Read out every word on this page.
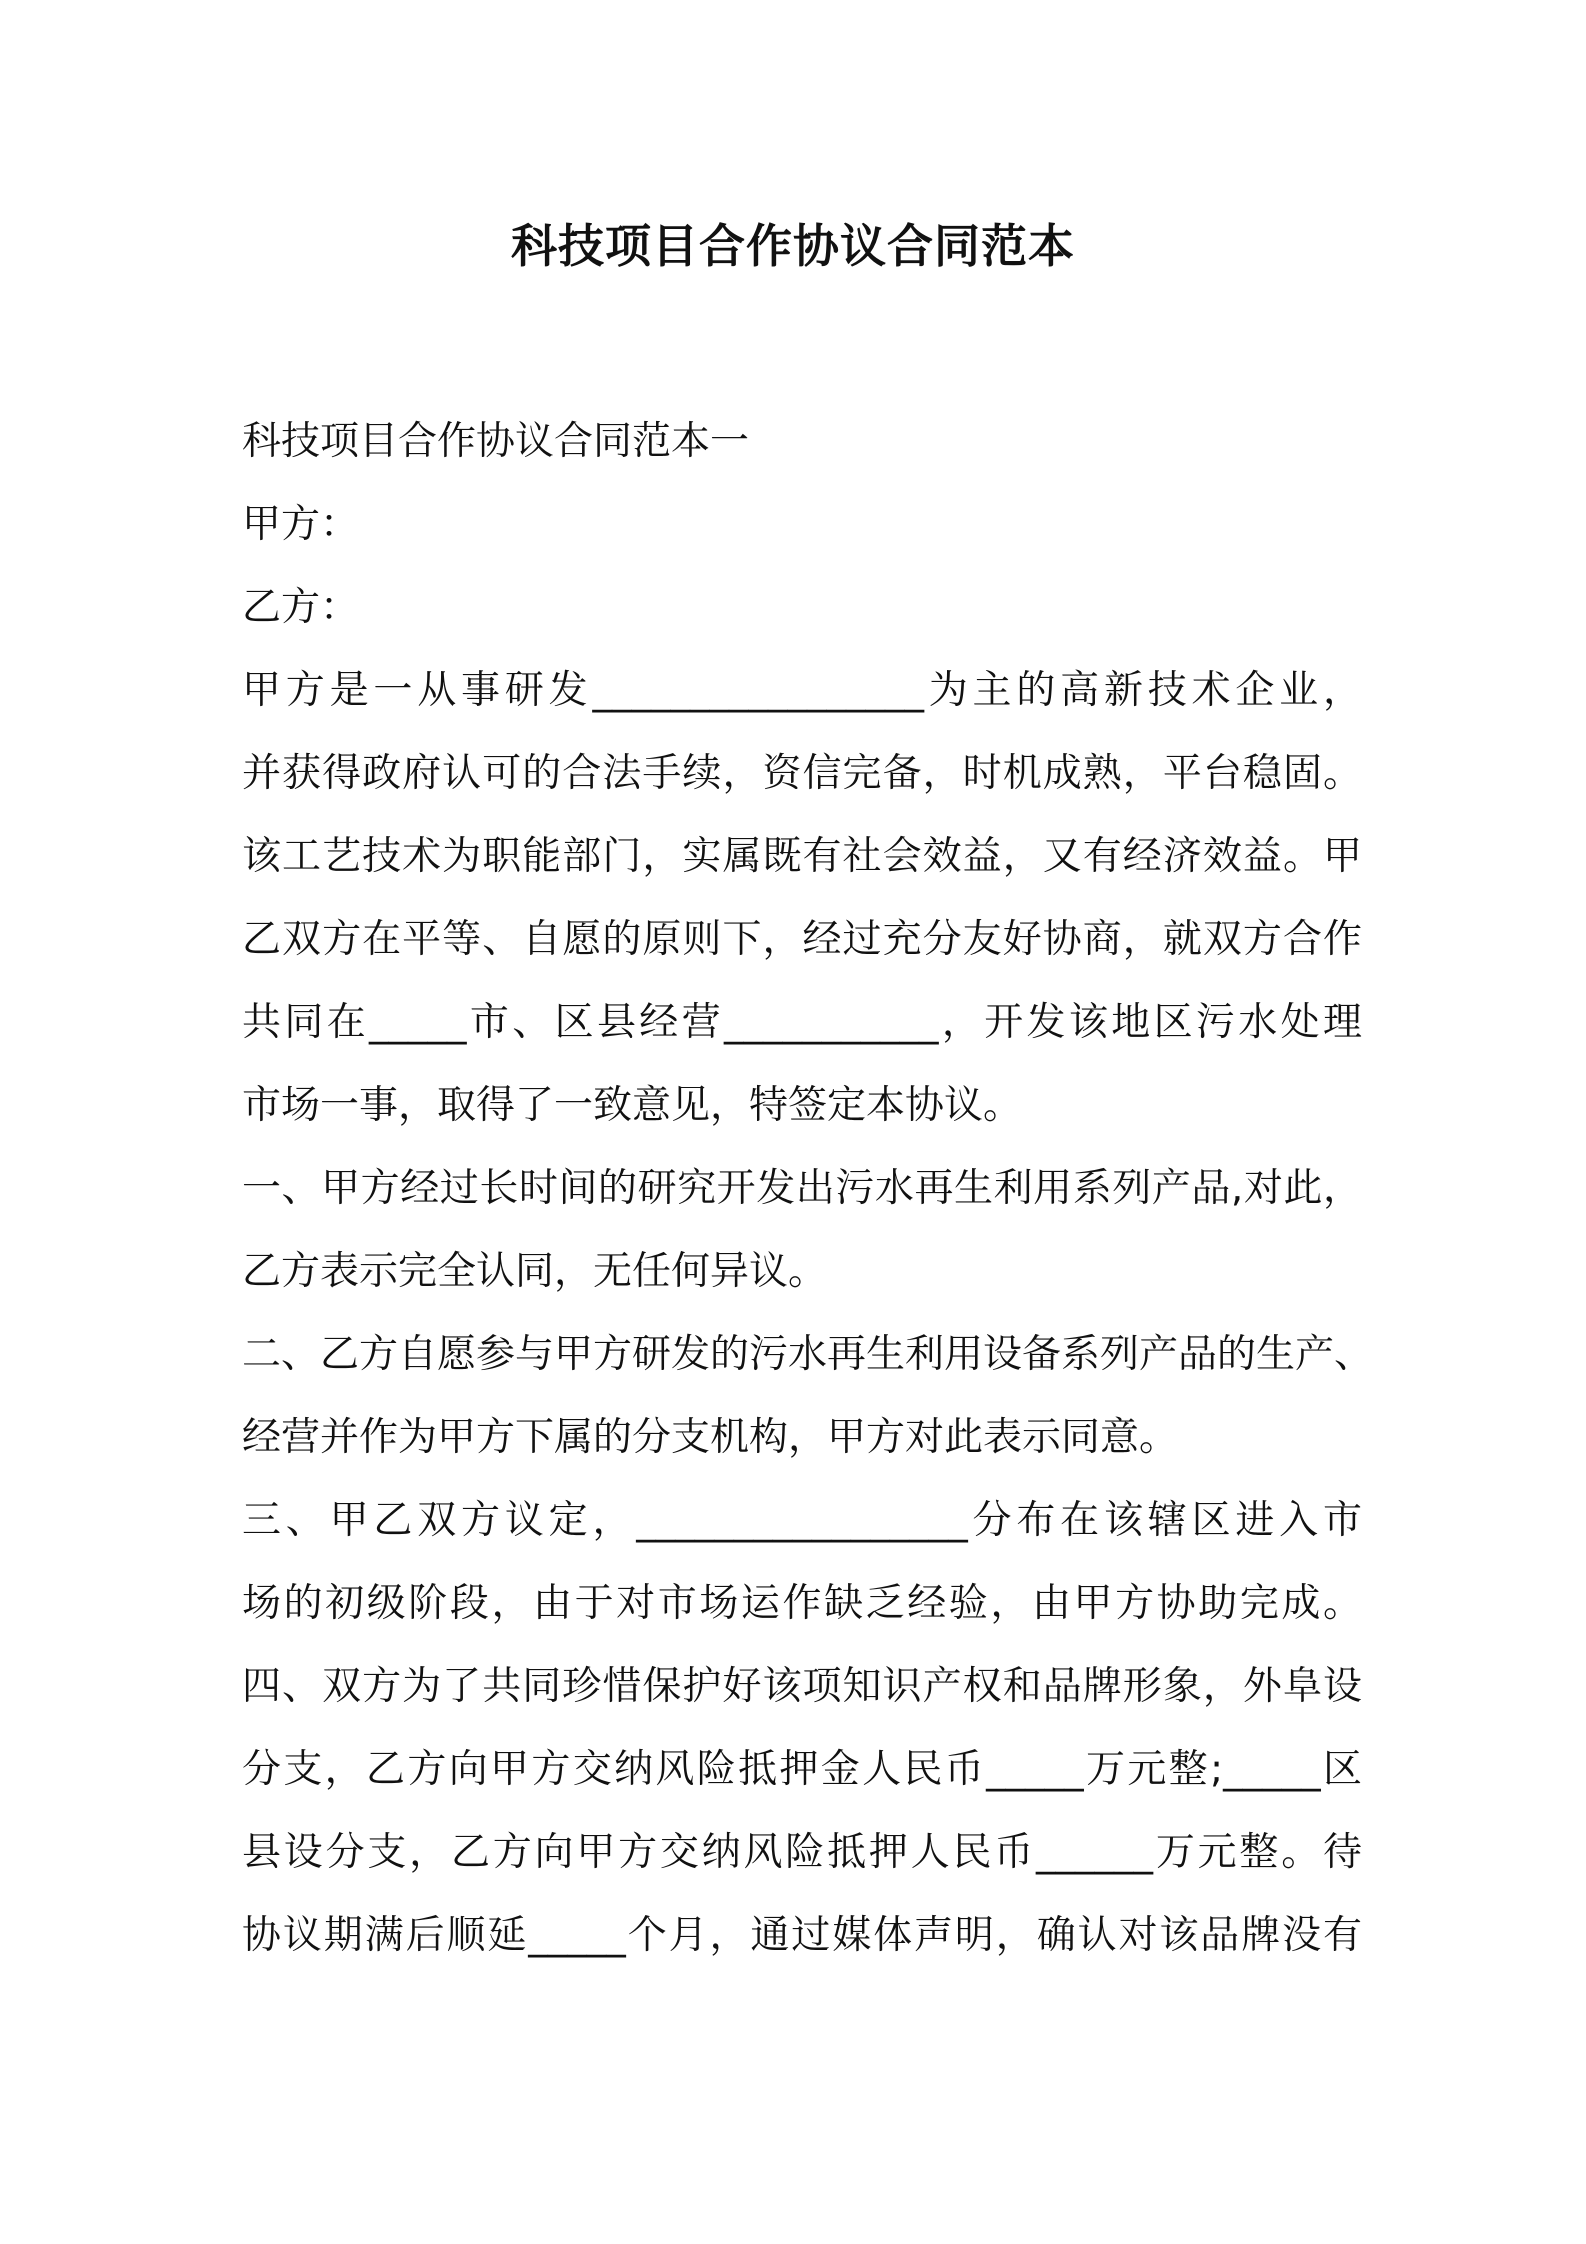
科技项目合作协议合同范本

科技项目合作协议合同范本一

甲方：

乙方：

甲方是一从事研发_________________为主的高新技术企业，

并获得政府认可的合法手续，资信完备，时机成熟，平台稳固。

该工艺技术为职能部门，实属既有社会效益，又有经济效益。甲

乙双方在平等、自愿的原则下，经过充分友好协商，就双方合作

共同在_____市、区县经营___________，开发该地区污水处理

市场一事，取得了一致意见，特签定本协议。

一、甲方经过长时间的研究开发出污水再生利用系列产品,对此，

乙方表示完全认同，无任何异议。

二、乙方自愿参与甲方研发的污水再生利用设备系列产品的生产、

经营并作为甲方下属的分支机构，甲方对此表示同意。

三、甲乙双方议定，_________________分布在该辖区进入市

场的初级阶段，由于对市场运作缺乏经验，由甲方协助完成。

四、双方为了共同珍惜保护好该项知识产权和品牌形象，外阜设

分支，乙方向甲方交纳风险抵押金人民币_____万元整;_____区

县设分支，乙方向甲方交纳风险抵押人民币______万元整。待

协议期满后顺延_____个月，通过媒体声明，确认对该品牌没有
